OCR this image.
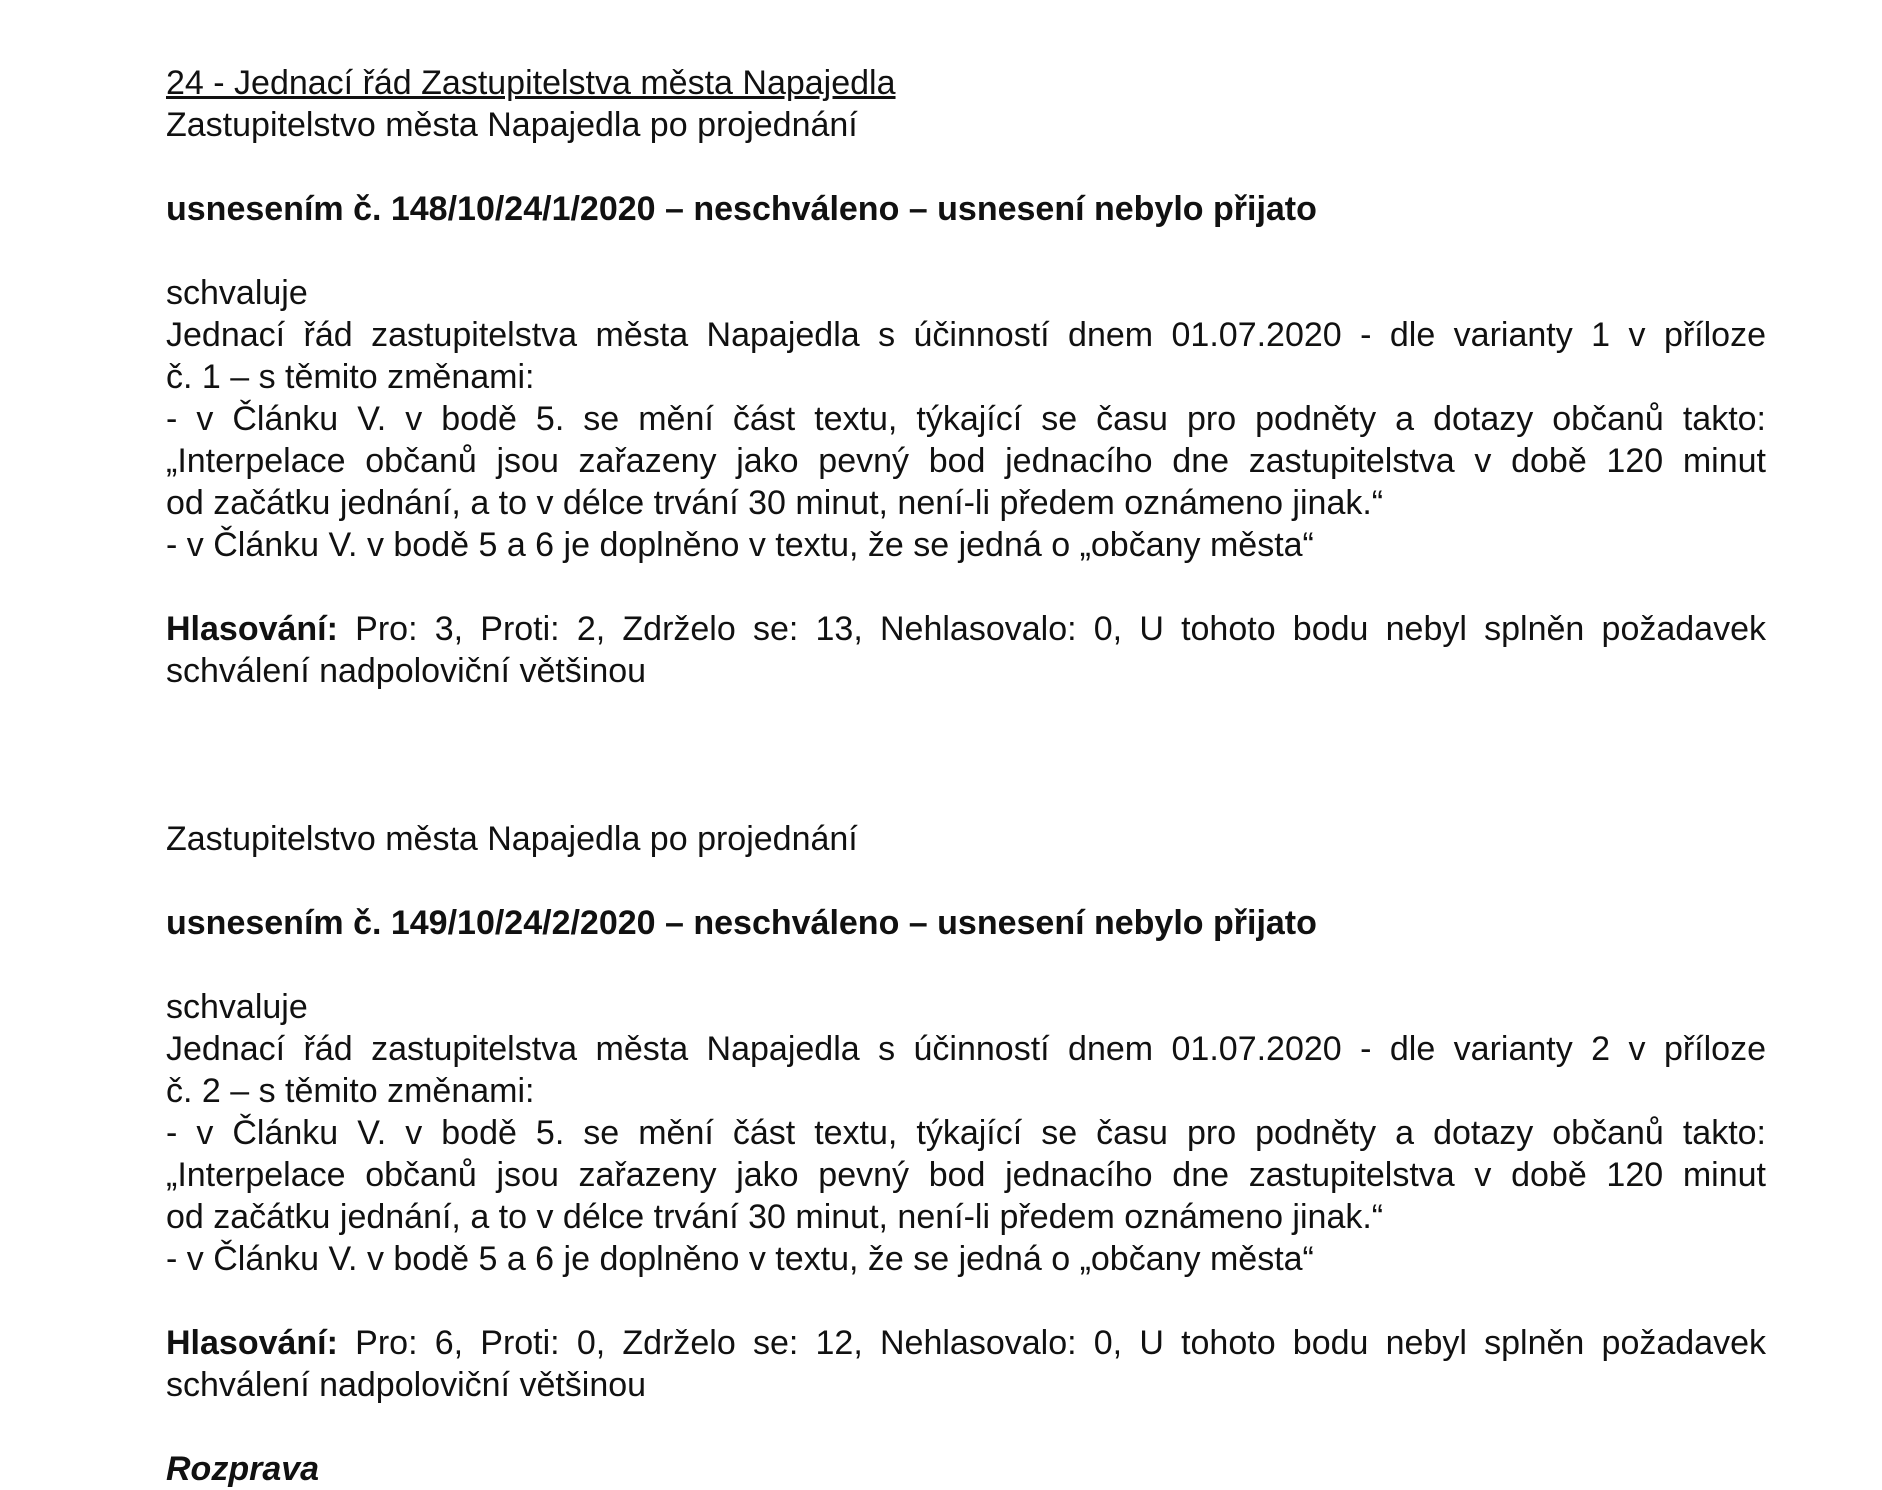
24 - Jednací řád Zastupitelstva města Napajedla
Zastupitelstvo města Napajedla po projednání
usnesením č. 148/10/24/1/2020 – neschváleno – usnesení nebylo přijato
schvaluje
Jednací řád zastupitelstva města Napajedla s účinností dnem 01.07.2020 - dle varianty 1 v příloze
č. 1 – s těmito změnami:
- v Článku V. v bodě 5. se mění část textu, týkající se času pro podněty a dotazy občanů takto:
„Interpelace občanů jsou zařazeny jako pevný bod jednacího dne zastupitelstva v době 120 minut
od začátku jednání, a to v délce trvání 30 minut, není-li předem oznámeno jinak.“
- v Článku V. v bodě 5 a 6 je doplněno v textu, že se jedná o „občany města“
Hlasování: Pro: 3, Proti: 2, Zdrželo se: 13, Nehlasovalo: 0, U tohoto bodu nebyl splněn požadavek
schválení nadpoloviční většinou
Zastupitelstvo města Napajedla po projednání
usnesením č. 149/10/24/2/2020 – neschváleno – usnesení nebylo přijato
schvaluje
Jednací řád zastupitelstva města Napajedla s účinností dnem 01.07.2020 - dle varianty 2 v příloze
č. 2 – s těmito změnami:
- v Článku V. v bodě 5. se mění část textu, týkající se času pro podněty a dotazy občanů takto:
„Interpelace občanů jsou zařazeny jako pevný bod jednacího dne zastupitelstva v době 120 minut
od začátku jednání, a to v délce trvání 30 minut, není-li předem oznámeno jinak.“
- v Článku V. v bodě 5 a 6 je doplněno v textu, že se jedná o „občany města“
Hlasování: Pro: 6, Proti: 0, Zdrželo se: 12, Nehlasovalo: 0, U tohoto bodu nebyl splněn požadavek
schválení nadpoloviční většinou
Rozprava
